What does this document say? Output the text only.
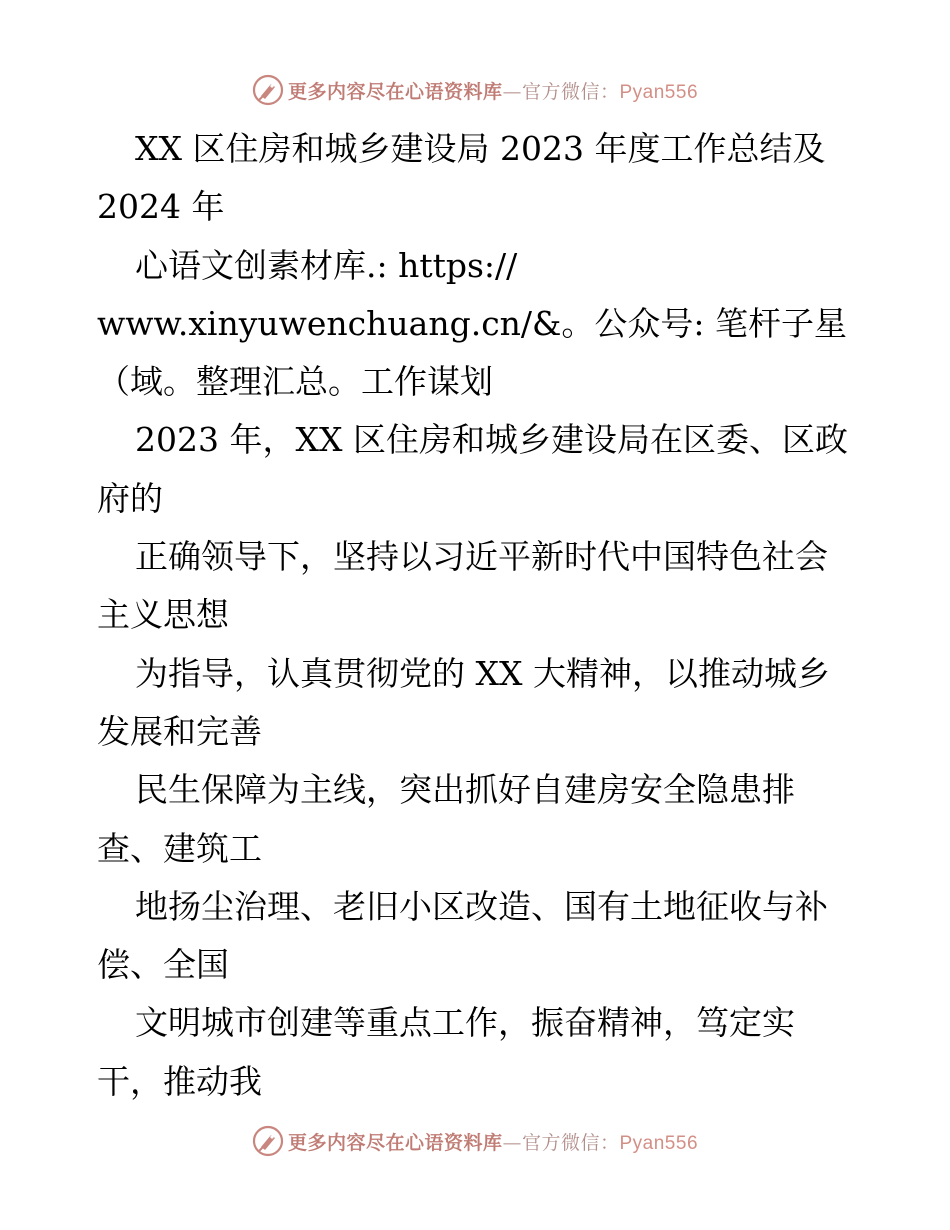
更多内容尽在心语资料库—官方微信：Pyan556
XX 区住房和城乡建设局 2023 年度工作总结及
2024 年
心语文创素材库.: https://
www.xinyuwenchuang.cn/&。公众号: 笔杆子星
（域。整理汇总。工作谋划
2023 年，XX 区住房和城乡建设局在区委、区政
府的
正确领导下，坚持以习近平新时代中国特色社会
主义思想
为指导，认真贯彻党的 XX 大精神，以推动城乡
发展和完善
民生保障为主线，突出抓好自建房安全隐患排
查、建筑工
地扬尘治理、老旧小区改造、国有土地征收与补
偿、全国
文明城市创建等重点工作，振奋精神，笃定实
干，推动我
更多内容尽在心语资料库—官方微信：Pyan556
